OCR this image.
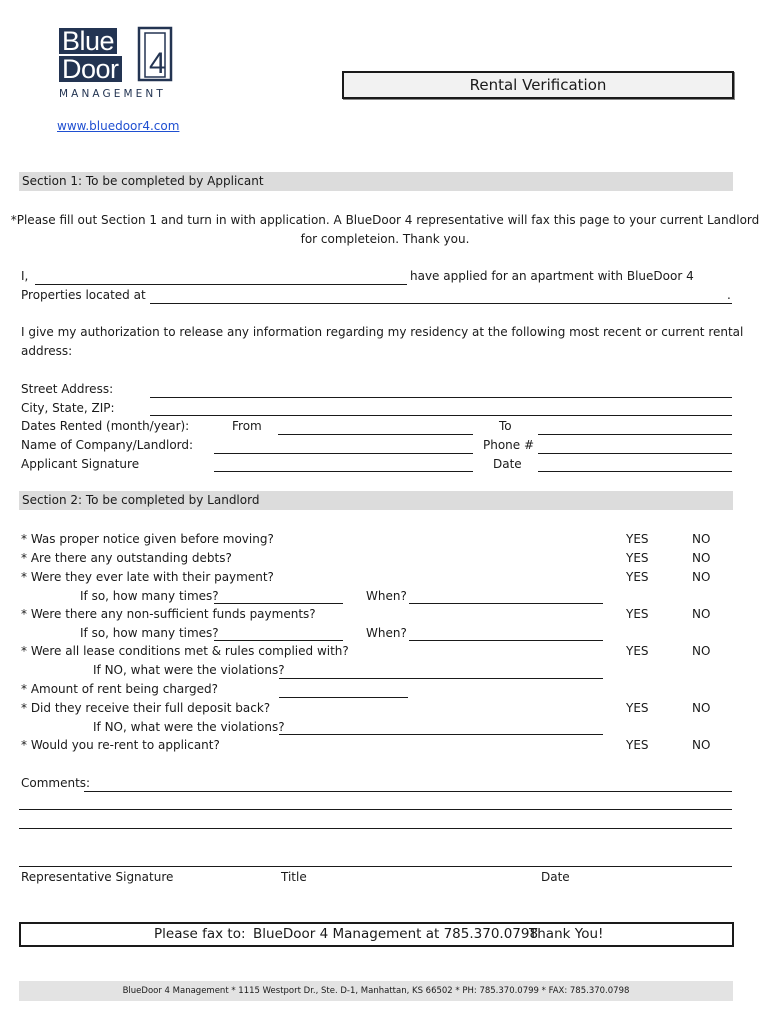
Blue
Door 4
MANAGEMENT	Rental Verification
www.bluedoor4.com
Section 1: To be completed by Applicant
*Please fill out Section 1 and turn in with application. A BlueDoor 4 representative will fax this page to your current Landlord
for completeion. Thank you.
I,	have applied for an apartment with BlueDoor 4
Properties located at	.
I give my authorization to release any information regarding my residency at the following most recent or current rental
address:
Street Address:
City, State, ZIP:
Dates Rented (month/year):	From	To
Name of Company/Landlord:	Phone #
Applicant Signature	Date
Section 2: To be completed by Landlord
* Was proper notice given before moving?	YES	NO
* Are there any outstanding debts?	YES	NO
* Were they ever late with their payment?	YES	NO
If so, how many times?	When?
* Were there any non-sufficient funds payments?	YES	NO
If so, how many times?	When?
* Were all lease conditions met & rules complied with?	YES	NO
If NO, what were the violations?
* Amount of rent being charged?
* Did they receive their full deposit back?	YES	NO
If NO, what were the violations?
* Would you re-rent to applicant?	YES	NO
Comments:
Representative Signature	Title	Date
Please fax to: BlueDoor 4 Management at 785.370.0798
Thank You!
BlueDoor 4 Management * 1115 Westport Dr., Ste. D-1, Manhattan, KS 66502 * PH: 785.370.0799 * FAX: 785.370.0798
